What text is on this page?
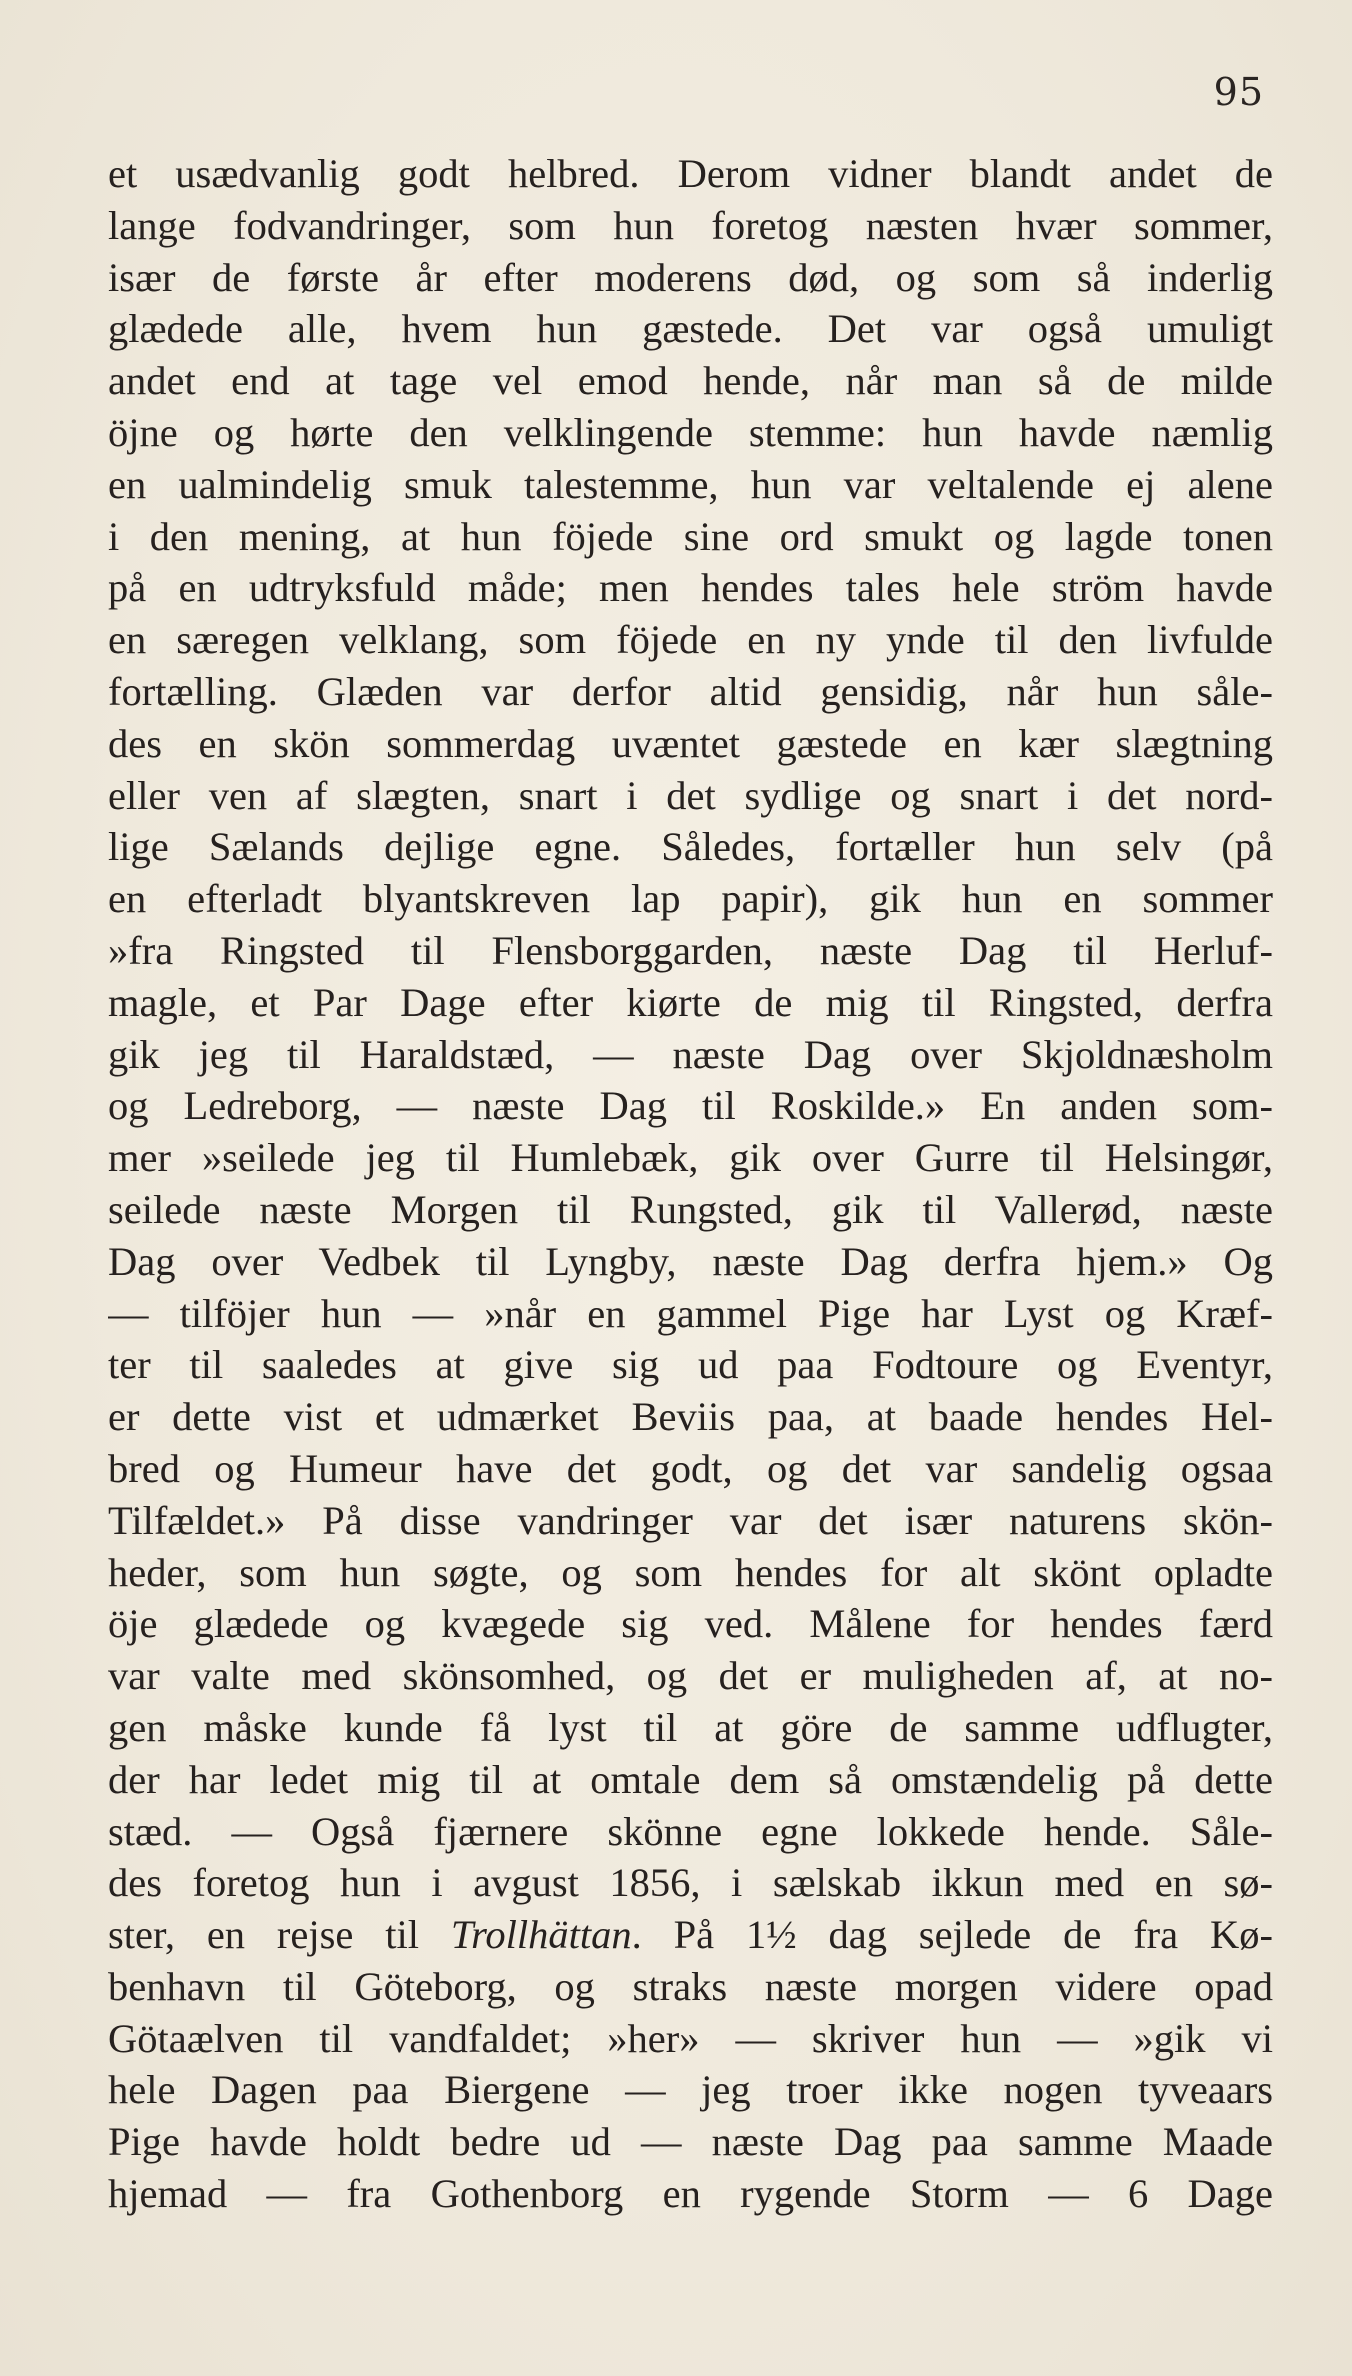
95
et usædvanlig godt helbred. Derom vidner blandt andet de
lange fodvandringer, som hun foretog næsten hvær sommer,
især de første år efter moderens død, og som så inderlig
glædede alle, hvem hun gæstede. Det var også umuligt
andet end at tage vel emod hende, når man så de milde
öjne og hørte den velklingende stemme: hun havde næmlig
en ualmindelig smuk talestemme, hun var veltalende ej alene
i den mening, at hun föjede sine ord smukt og lagde tonen
på en udtryksfuld måde; men hendes tales hele ström havde
en særegen velklang, som föjede en ny ynde til den livfulde
fortælling. Glæden var derfor altid gensidig, når hun såle-
des en skön sommerdag uvæntet gæstede en kær slægtning
eller ven af slægten, snart i det sydlige og snart i det nord-
lige Sælands dejlige egne. Således, fortæller hun selv (på
en efterladt blyantskreven lap papir), gik hun en sommer
»fra Ringsted til Flensborggarden, næste Dag til Herluf-
magle, et Par Dage efter kiørte de mig til Ringsted, derfra
gik jeg til Haraldstæd, — næste Dag over Skjoldnæsholm
og Ledreborg, — næste Dag til Roskilde.» En anden som-
mer »seilede jeg til Humlebæk, gik over Gurre til Helsingør,
seilede næste Morgen til Rungsted, gik til Vallerød, næste
Dag over Vedbek til Lyngby, næste Dag derfra hjem.» Og
— tilföjer hun — »når en gammel Pige har Lyst og Kræf-
ter til saaledes at give sig ud paa Fodtoure og Eventyr,
er dette vist et udmærket Beviis paa, at baade hendes Hel-
bred og Humeur have det godt, og det var sandelig ogsaa
Tilfældet.» På disse vandringer var det især naturens skön-
heder, som hun søgte, og som hendes for alt skönt opladte
öje glædede og kvægede sig ved. Målene for hendes færd
var valte med skönsomhed, og det er muligheden af, at no-
gen måske kunde få lyst til at göre de samme udflugter,
der har ledet mig til at omtale dem så omstændelig på dette
stæd. — Også fjærnere skönne egne lokkede hende. Såle-
des foretog hun i avgust 1856, i sælskab ikkun med en sø-
ster, en rejse til Trollhättan. På 1½ dag sejlede de fra Kø-
benhavn til Göteborg, og straks næste morgen videre opad
Götaælven til vandfaldet; »her» — skriver hun — »gik vi
hele Dagen paa Biergene — jeg troer ikke nogen tyveaars
Pige havde holdt bedre ud — næste Dag paa samme Maade
hjemad — fra Gothenborg en rygende Storm — 6 Dage
